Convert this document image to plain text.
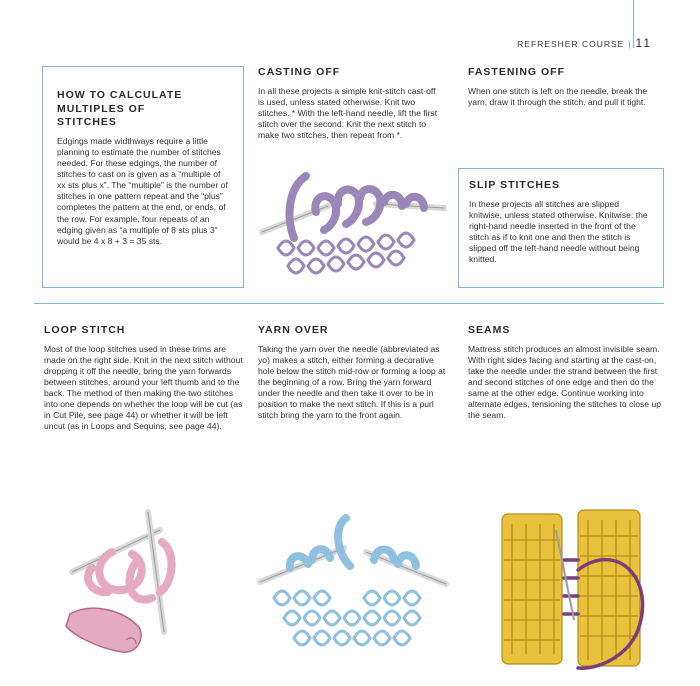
REFRESHER COURSE | 11
HOW TO CALCULATE MULTIPLES OF STITCHES

Edgings made widthways require a little planning to estimate the number of stitches needed. For these edgings, the number of stitches to cast on is given as a “multiple of xx sts plus x”. The “multiple” is the number of stitches in one pattern repeat and the “plus” completes the pattern at the end, or ends, of the row. For example, four repeats of an edging given as “a multiple of 8 sts plus 3” would be 4 x 8 + 3 = 35 sts.

CASTING OFF

In all these projects a simple knit-stitch cast-off is used, unless stated otherwise. Knit two stitches. * With the left-hand needle, lift the first stitch over the second. Knit the next stitch to make two stitches, then repeat from *.

FASTENING OFF

When one stitch is left on the needle, break the yarn, draw it through the stitch, and pull it tight.

SLIP STITCHES

In these projects all stitches are slipped knitwise, unless stated otherwise. Knitwise: the right-hand needle inserted in the front of the stitch as if to knit one and then the stitch is slipped off the left-hand needle without being knitted.

LOOP STITCH

Most of the loop stitches used in these trims are made on the right side. Knit in the next stitch without dropping it off the needle, bring the yarn forwards between stitches, around your left thumb and to the back. The method of then making the two stitches into one depends on whether the loop will be cut (as in Cut Pile, see page 44) or whether it will be left uncut (as in Loops and Sequins, see page 44).

YARN OVER

Taking the yarn over the needle (abbreviated as yo) makes a stitch, either forming a decorative hole below the stitch mid-row or forming a loop at the beginning of a row. Bring the yarn forward under the needle and then take it over to be in position to make the next stitch. If this is a purl stitch bring the yarn to the front again.

SEAMS

Mattress stitch produces an almost invisible seam. With right sides facing and starting at the cast-on, take the needle under the strand between the first and second stitches of one edge and then do the same at the other edge. Continue working into alternate edges, tensioning the stitches to close up the seam.
